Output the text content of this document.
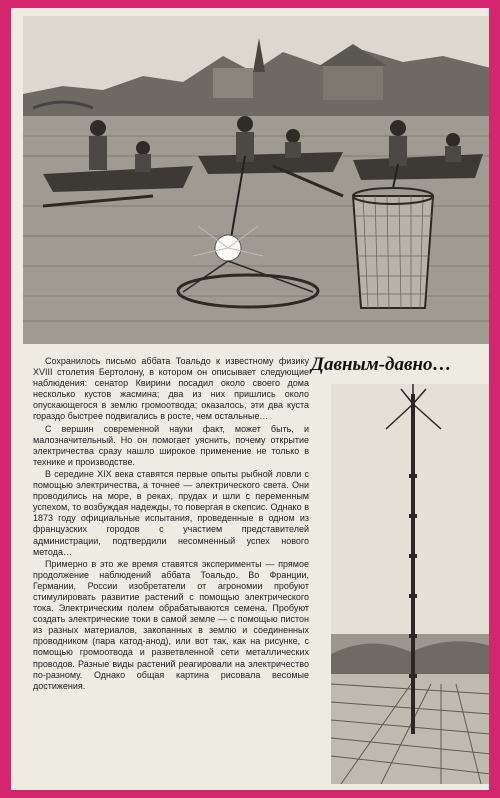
Давным-давно…

Сохранилось письмо аббата Тоальдо к известному физику XVIII столетия Бертолону, в котором он описывает следующие наблюдения: сенатор Квирини посадил около своего дома несколько кустов жасмина; два из них пришлись около опускающегося в землю громоотвода; оказалось, эти два куста гораздо быстрее подвигались в росте, чем остальные…

С вершин современной науки факт, может быть, и малозначительный. Но он помогает уяснить, почему открытие электричества сразу нашло широкое применение не только в технике и производстве.

В середине XIX века ставятся первые опыты рыбной ловли с помощью электричества, а точнее — электрического света. Они проводились на море, в реках, прудах и шли с переменным успехом, то возбуждая надежды, то повергая в скепсис. Однако в 1873 году официальные испытания, проведенные в одном из французских городов с участием представителей администрации, подтвердили несомненный успех нового метода…

Примерно в это же время ставятся эксперименты — прямое продолжение наблюдений аббата Тоальдо. Во Франции, Германии, России изобретатели от агрономии пробуют стимулировать развитие растений с помощью электрического тока. Электрическим полем обрабатываются семена. Пробуют создать электрические токи в самой земле — с помощью пистон из разных материалов, закопанных в землю и соединенных проводником (пара катод-анод), или вот так, как на рисунке, с помощью громоотвода и разветвленной сети металлических проводов. Разные виды растений реагировали на электричество по-разному. Однако общая картина рисовала весомые достижения.
